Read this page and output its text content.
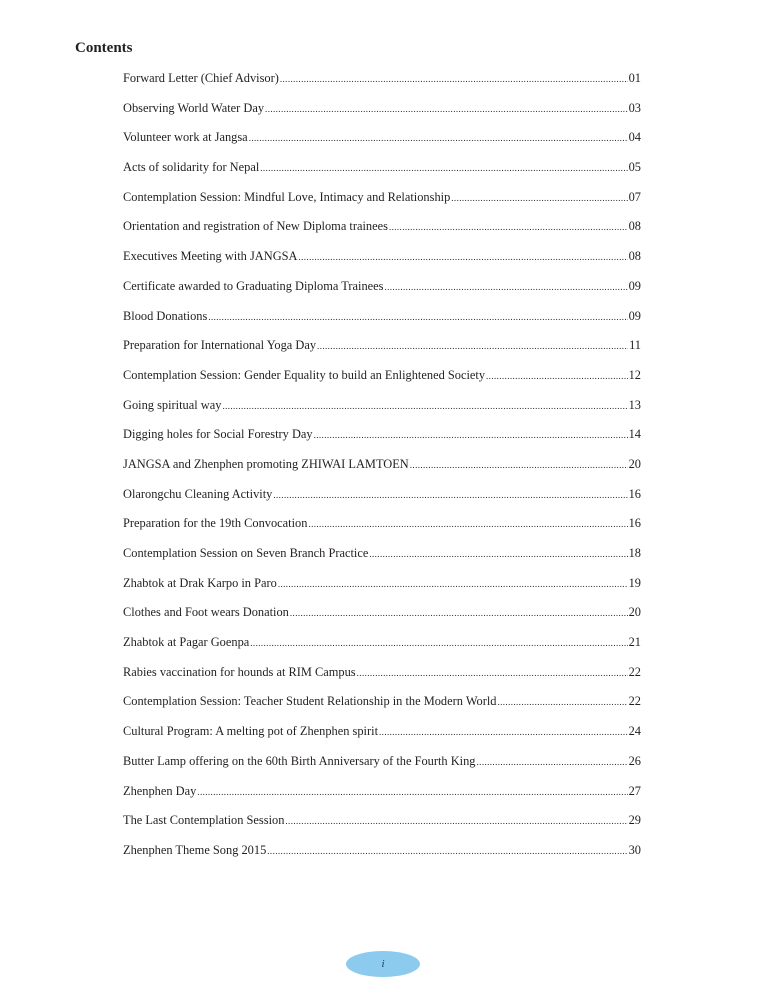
Contents
Forward Letter (Chief Advisor) .....	01
Observing World Water Day .....	03
Volunteer work at Jangsa .....	04
Acts of solidarity for Nepal .....	05
Contemplation Session: Mindful Love, Intimacy and Relationship .....	07
Orientation and registration of New Diploma trainees .....	08
Executives Meeting with JANGSA .....	08
Certificate awarded to Graduating Diploma Trainees .....	09
Blood Donations .....	09
Preparation for International Yoga Day .....	11
Contemplation Session: Gender Equality to build an Enlightened Society .....	12
Going spiritual way .....	13
Digging holes for Social Forestry Day .....	14
JANGSA and Zhenphen promoting ZHIWAI LAMTOEN .....	20
Olarongchu Cleaning Activity .....	16
Preparation for the 19th Convocation .....	16
Contemplation Session on Seven Branch Practice .....	18
Zhabtok at Drak Karpo in Paro .....	19
Clothes and Foot wears Donation .....	20
Zhabtok at Pagar Goenpa .....	21
Rabies vaccination for hounds at RIM Campus .....	22
Contemplation Session: Teacher Student Relationship in the Modern World .....	22
Cultural Program: A melting pot of Zhenphen spirit .....	24
Butter Lamp offering on the 60th Birth Anniversary of the Fourth King .....	26
Zhenphen Day .....	27
The Last Contemplation Session .....	29
Zhenphen Theme Song 2015 .....	30
i
